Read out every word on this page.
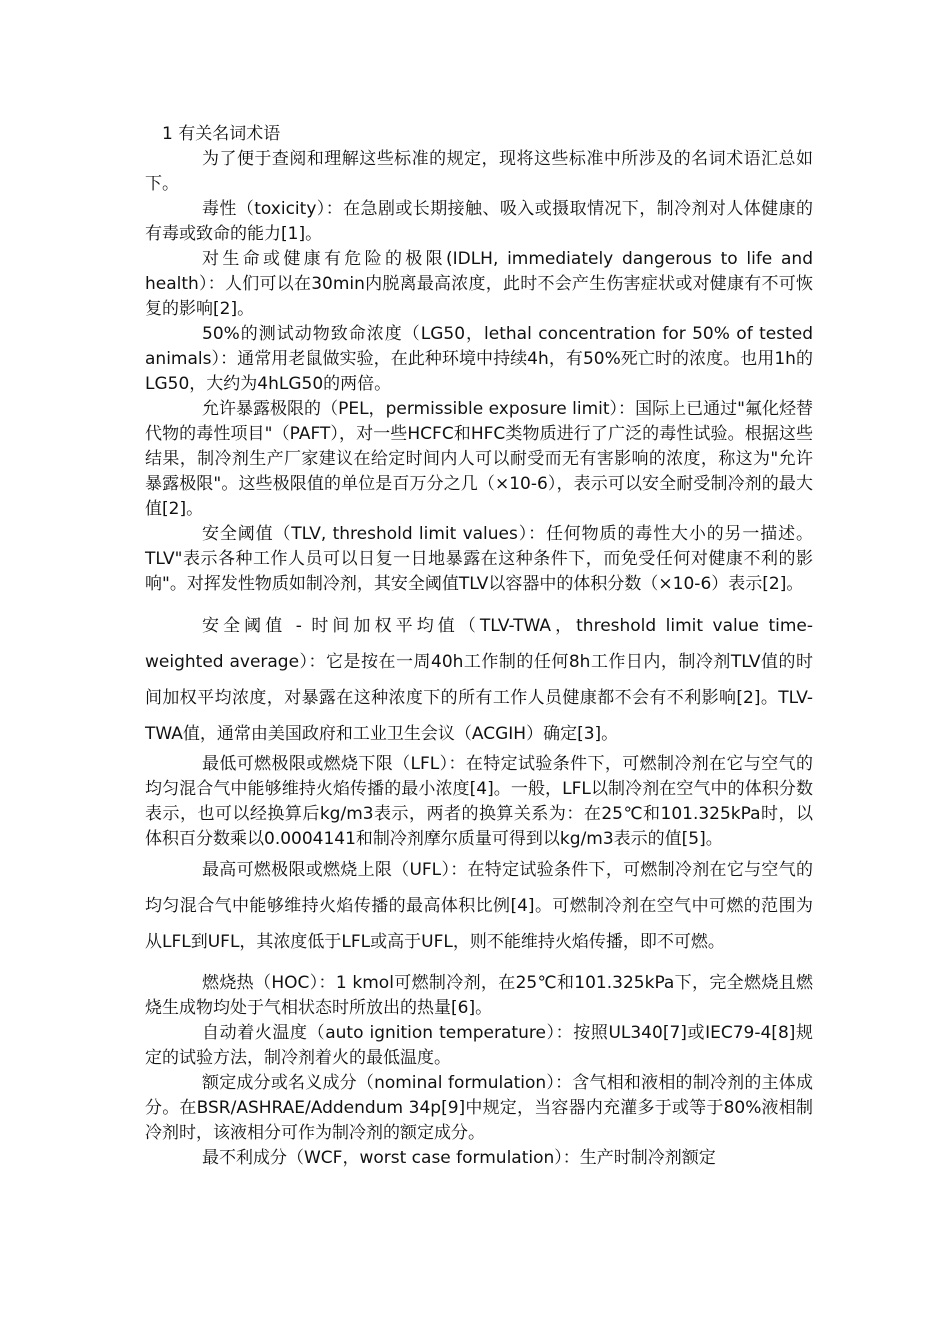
1 有关名词术语

为了便于查阅和理解这些标准的规定，现将这些标准中所涉及的名词术语汇总如下。

毒性（toxicity）：在急剧或长期接触、吸入或摄取情况下，制冷剂对人体健康的有毒或致命的能力[1]。

对生命或健康有危险的极限(IDLH, immediately dangerous to life and health）：人们可以在30min内脱离最高浓度，此时不会产生伤害症状或对健康有不可恢复的影响[2]。

50%的测试动物致命浓度（LG50，lethal concentration for 50% of tested animals）：通常用老鼠做实验，在此种环境中持续4h，有50%死亡时的浓度。也用1h的LG50，大约为4hLG50的两倍。

允许暴露极限的（PEL，permissible exposure limit）：国际上已通过"氟化烃替代物的毒性项目"（PAFT），对一些HCFC和HFC类物质进行了广泛的毒性试验。根据这些结果，制冷剂生产厂家建议在给定时间内人可以耐受而无有害影响的浓度，称这为"允许暴露极限"。这些极限值的单位是百万分之几（×10-6），表示可以安全耐受制冷剂的最大值[2]。

安全阈值（TLV, threshold limit values）：任何物质的毒性大小的另一描述。TLV"表示各种工作人员可以日复一日地暴露在这种条件下，而免受任何对健康不利的影响"。对挥发性物质如制冷剂，其安全阈值TLV以容器中的体积分数（×10-6）表示[2]。

安全阈值 - 时间加权平均值（TLV-TWA，threshold limit value time-weighted average）：它是按在一周40h工作制的任何8h工作日内，制冷剂TLV值的时间加权平均浓度，对暴露在这种浓度下的所有工作人员健康都不会有不利影响[2]。TLV-TWA值，通常由美国政府和工业卫生会议（ACGIH）确定[3]。

最低可燃极限或燃烧下限（LFL）：在特定试验条件下，可燃制冷剂在它与空气的均匀混合气中能够维持火焰传播的最小浓度[4]。一般，LFL以制冷剂在空气中的体积分数表示，也可以经换算后kg/m3表示，两者的换算关系为：在25℃和101.325kPa时，以体积百分数乘以0.0004141和制冷剂摩尔质量可得到以kg/m3表示的值[5]。

最高可燃极限或燃烧上限（UFL）：在特定试验条件下，可燃制冷剂在它与空气的均匀混合气中能够维持火焰传播的最高体积比例[4]。可燃制冷剂在空气中可燃的范围为从LFL到UFL，其浓度低于LFL或高于UFL，则不能维持火焰传播，即不可燃。

燃烧热（HOC）：1 kmol可燃制冷剂，在25℃和101.325kPa下，完全燃烧且燃烧生成物均处于气相状态时所放出的热量[6]。

自动着火温度（auto ignition temperature）：按照UL340[7]或IEC79-4[8]规定的试验方法，制冷剂着火的最低温度。

额定成分或名义成分（nominal formulation）：含气相和液相的制冷剂的主体成分。在BSR/ASHRAE/Addendum 34p[9]中规定，当容器内充灌多于或等于80%液相制冷剂时，该液相分可作为制冷剂的额定成分。

最不利成分（WCF，worst case formulation）：生产时制冷剂额定
